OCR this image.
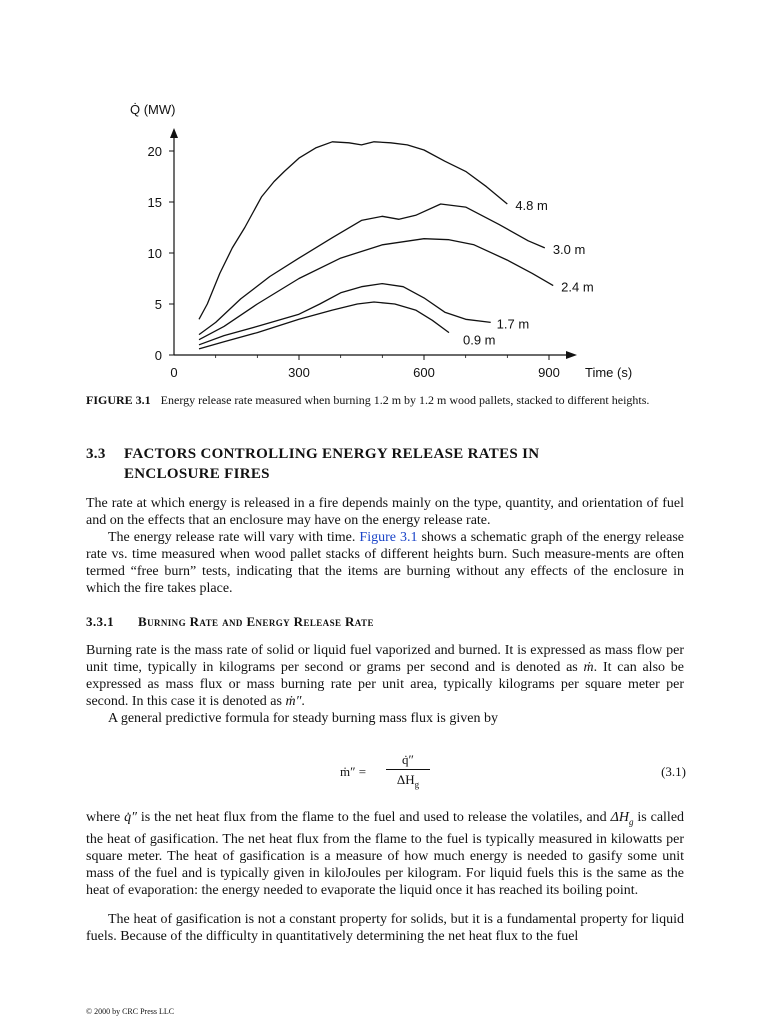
0
5
10
15
20
0	300	600	900
Q̇ (MW)
Time (s)
4.8 m
3.0 m
2.4 m
1.7 m
0.9 m
FIGURE 3.1 Energy release rate measured when burning 1.2 m by 1.2 m wood pallets, stacked to different heights.
3.3 FACTORS CONTROLLING ENERGY RELEASE RATES IN
ENCLOSURE FIRES

The rate at which energy is released in a fire depends mainly on the type, quantity, and orientation of fuel and on the effects that an enclosure may have on the energy release rate.

The energy release rate will vary with time. Figure 3.1 shows a schematic graph of the energy release rate vs. time measured when wood pallet stacks of different heights burn. Such measure-ments are often termed “free burn” tests, indicating that the items are burning without any effects of the enclosure in which the fire takes place.

3.3.1 Burning Rate and Energy Release Rate

Burning rate is the mass rate of solid or liquid fuel vaporized and burned. It is expressed as mass flow per unit time, typically in kilograms per second or grams per second and is denoted as ṁ. It can also be expressed as mass flux or mass burning rate per unit area, typically kilograms per square meter per second. In this case it is denoted as ṁ″.

A general predictive formula for steady burning mass flux is given by

ṁ″ =
q̇″
$\Delta H_g$
(3.1)

where q̇″ is the net heat flux from the flame to the fuel and used to release the volatiles, and $\Delta H_g$ is called the heat of gasification. The net heat flux from the flame to the fuel is typically measured in kilowatts per square meter. The heat of gasification is a measure of how much energy is needed to gasify some unit mass of the fuel and is typically given in kiloJoules per kilogram. For liquid fuels this is the same as the heat of evaporation: the energy needed to evaporate the liquid once it has reached its boiling point.

The heat of gasification is not a constant property for solids, but it is a fundamental property for liquid fuels. Because of the difficulty in quantitatively determining the net heat flux to the fuel

© 2000 by CRC Press LLC
